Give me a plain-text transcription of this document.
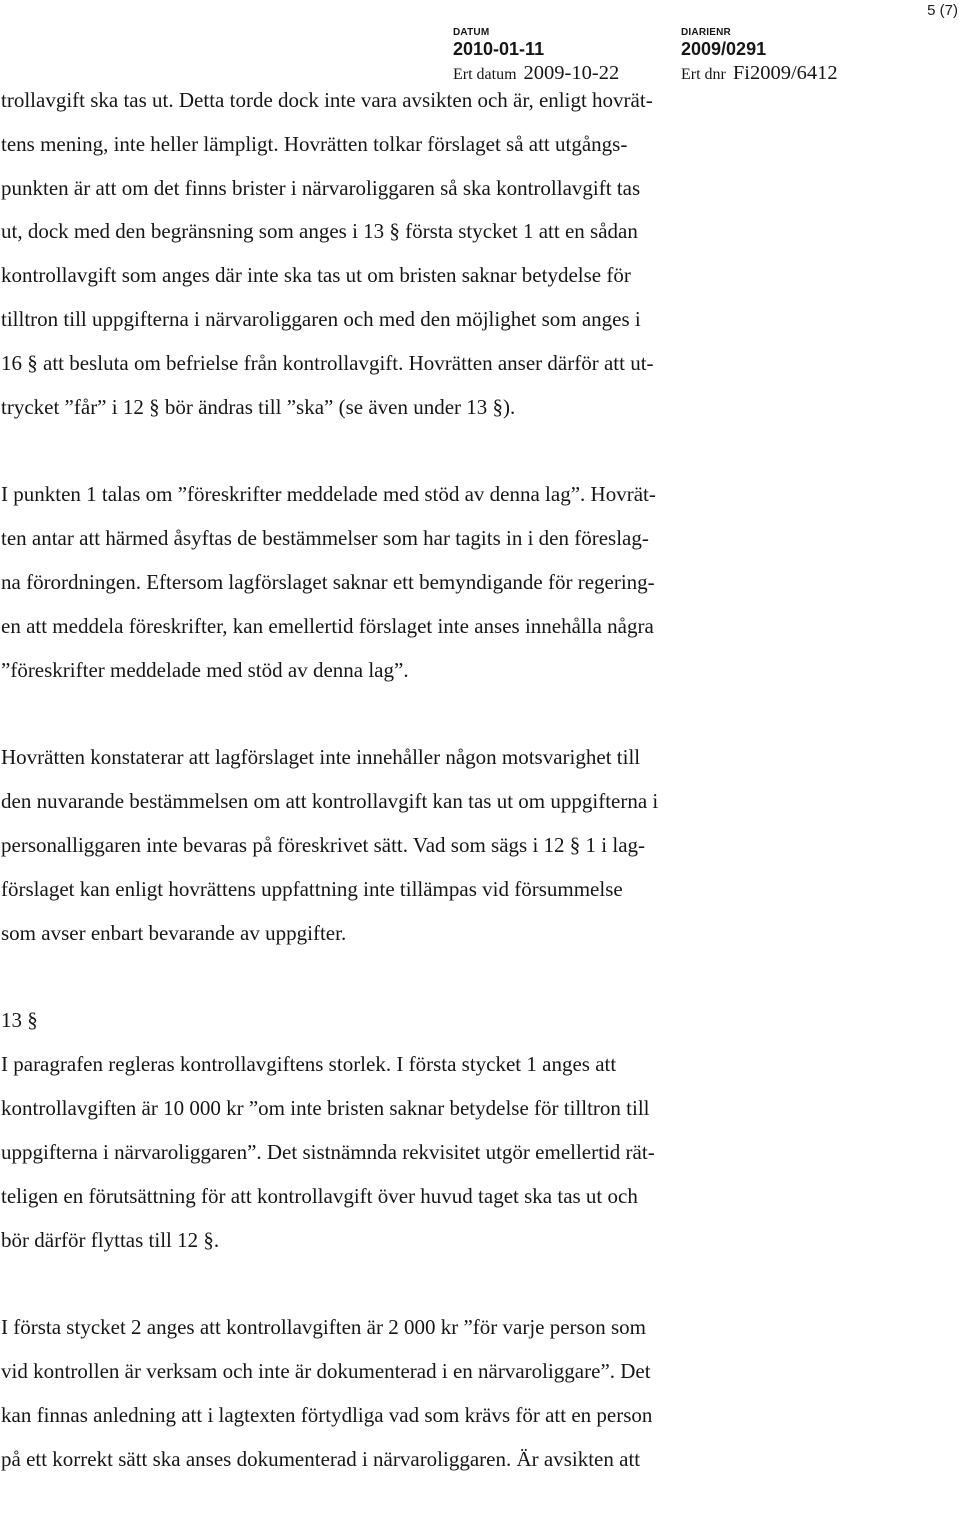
5 (7)
DATUM
2010-01-11
DIARIENR
2009/0291
Ert datum 2009-10-22	Ert dnr Fi2009/6412
trollavgift ska tas ut. Detta torde dock inte vara avsikten och är, enligt hovrät-
tens mening, inte heller lämpligt. Hovrätten tolkar förslaget så att utgångs-
punkten är att om det finns brister i närvaroliggaren så ska kontrollavgift tas
ut, dock med den begränsning som anges i 13 § första stycket 1 att en sådan
kontrollavgift som anges där inte ska tas ut om bristen saknar betydelse för
tilltron till uppgifterna i närvaroliggaren och med den möjlighet som anges i
16 § att besluta om befrielse från kontrollavgift. Hovrätten anser därför att ut-
trycket ”får” i 12 § bör ändras till ”ska” (se även under 13 §).
I punkten 1 talas om ”föreskrifter meddelade med stöd av denna lag”. Hovrät-
ten antar att härmed åsyftas de bestämmelser som har tagits in i den föreslag-
na förordningen. Eftersom lagförslaget saknar ett bemyndigande för regering-
en att meddela föreskrifter, kan emellertid förslaget inte anses innehålla några
”föreskrifter meddelade med stöd av denna lag”.
Hovrätten konstaterar att lagförslaget inte innehåller någon motsvarighet till
den nuvarande bestämmelsen om att kontrollavgift kan tas ut om uppgifterna i
personalliggaren inte bevaras på föreskrivet sätt. Vad som sägs i 12 § 1 i lag-
förslaget kan enligt hovrättens uppfattning inte tillämpas vid försummelse
som avser enbart bevarande av uppgifter.
13 §
I paragrafen regleras kontrollavgiftens storlek. I första stycket 1 anges att
kontrollavgiften är 10 000 kr ”om inte bristen saknar betydelse för tilltron till
uppgifterna i närvaroliggaren”. Det sistnämnda rekvisitet utgör emellertid rät-
teligen en förutsättning för att kontrollavgift över huvud taget ska tas ut och
bör därför flyttas till 12 §.
I första stycket 2 anges att kontrollavgiften är 2 000 kr ”för varje person som
vid kontrollen är verksam och inte är dokumenterad i en närvaroliggare”. Det
kan finnas anledning att i lagtexten förtydliga vad som krävs för att en person
på ett korrekt sätt ska anses dokumenterad i närvaroliggaren. Är avsikten att
